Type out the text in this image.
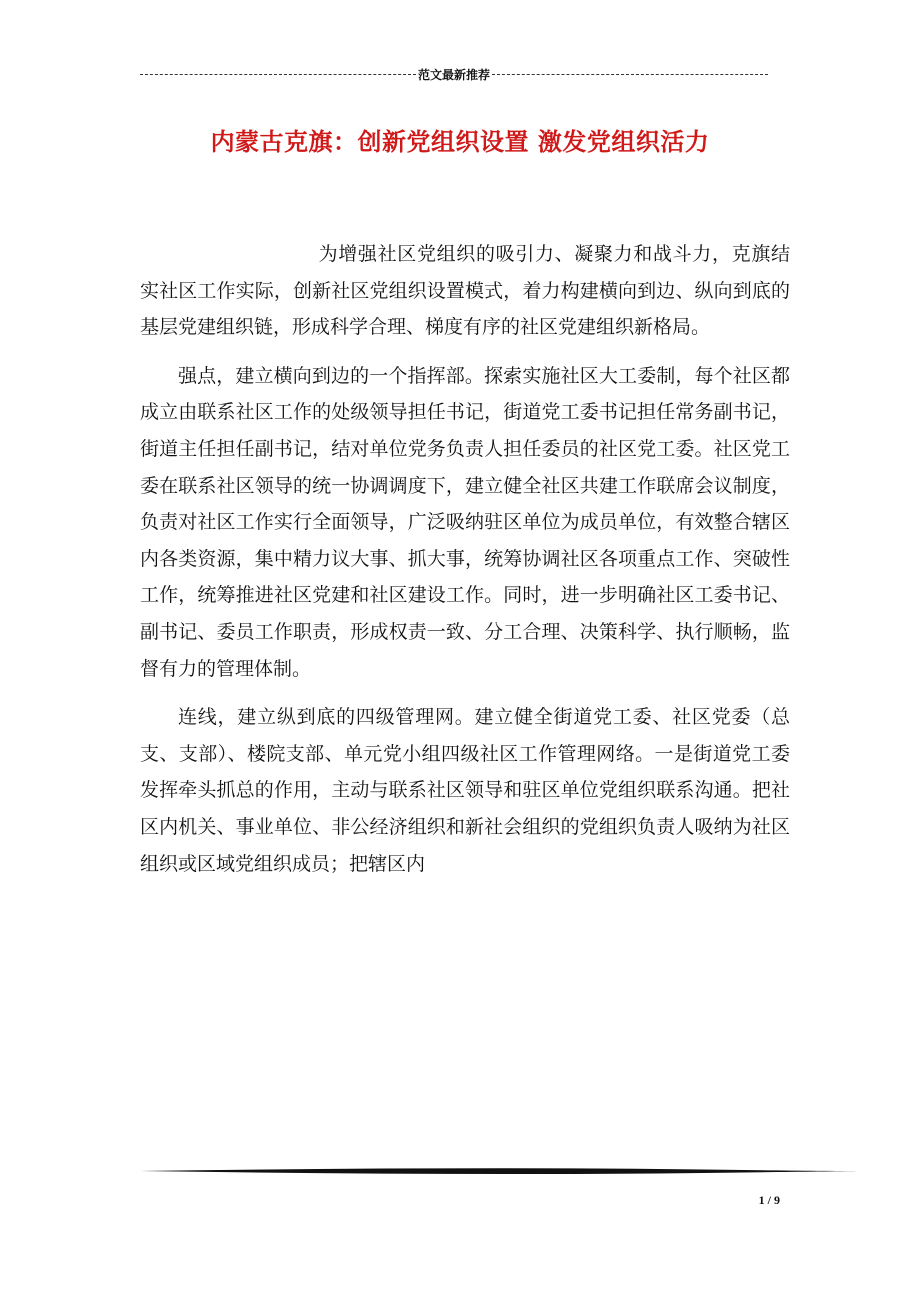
范文最新推荐
内蒙古克旗：创新党组织设置 激发党组织活力

为增强社区党组织的吸引力、凝聚力和战斗力，克旗结实社区工作实际，创新社区党组织设置模式，着力构建横向到边、纵向到底的基层党建组织链，形成科学合理、梯度有序的社区党建组织新格局。

强点，建立横向到边的一个指挥部。探索实施社区大工委制，每个社区都成立由联系社区工作的处级领导担任书记，街道党工委书记担任常务副书记，街道主任担任副书记，结对单位党务负责人担任委员的社区党工委。社区党工委在联系社区领导的统一协调调度下，建立健全社区共建工作联席会议制度，负责对社区工作实行全面领导，广泛吸纳驻区单位为成员单位，有效整合辖区内各类资源，集中精力议大事、抓大事，统筹协调社区各项重点工作、突破性工作，统筹推进社区党建和社区建设工作。同时，进一步明确社区工委书记、副书记、委员工作职责，形成权责一致、分工合理、决策科学、执行顺畅，监督有力的管理体制。

连线，建立纵到底的四级管理网。建立健全街道党工委、社区党委（总支、支部）、楼院支部、单元党小组四级社区工作管理网络。一是街道党工委发挥牵头抓总的作用，主动与联系社区领导和驻区单位党组织联系沟通。把社区内机关、事业单位、非公经济组织和新社会组织的党组织负责人吸纳为社区组织或区域党组织成员；把辖区内

1 / 9
